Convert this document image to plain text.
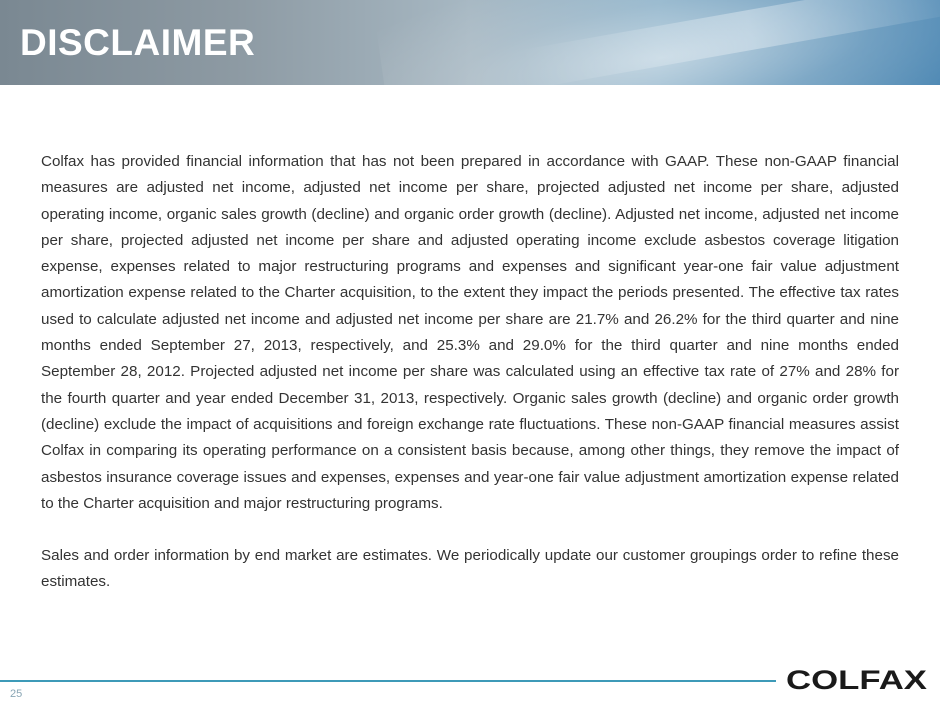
DISCLAIMER

Colfax has provided financial information that has not been prepared in accordance with GAAP. These non-GAAP financial measures are adjusted net income, adjusted net income per share, projected adjusted net income per share, adjusted operating income, organic sales growth (decline) and organic order growth (decline). Adjusted net income, adjusted net income per share, projected adjusted net income per share and adjusted operating income exclude asbestos coverage litigation expense, expenses related to major restructuring programs and expenses and significant year-one fair value adjustment amortization expense related to the Charter acquisition, to the extent they impact the periods presented. The effective tax rates used to calculate adjusted net income and adjusted net income per share are 21.7% and 26.2% for the third quarter and nine months ended September 27, 2013, respectively, and 25.3% and 29.0% for the third quarter and nine months ended September 28, 2012. Projected adjusted net income per share was calculated using an effective tax rate of 27% and 28% for the fourth quarter and year ended December 31, 2013, respectively. Organic sales growth (decline) and organic order growth (decline) exclude the impact of acquisitions and foreign exchange rate fluctuations. These non-GAAP financial measures assist Colfax in comparing its operating performance on a consistent basis because, among other things, they remove the impact of asbestos insurance coverage issues and expenses, expenses and year-one fair value adjustment amortization expense related to the Charter acquisition and major restructuring programs.

Sales and order information by end market are estimates. We periodically update our customer groupings order to refine these estimates.

25	COLFAX
